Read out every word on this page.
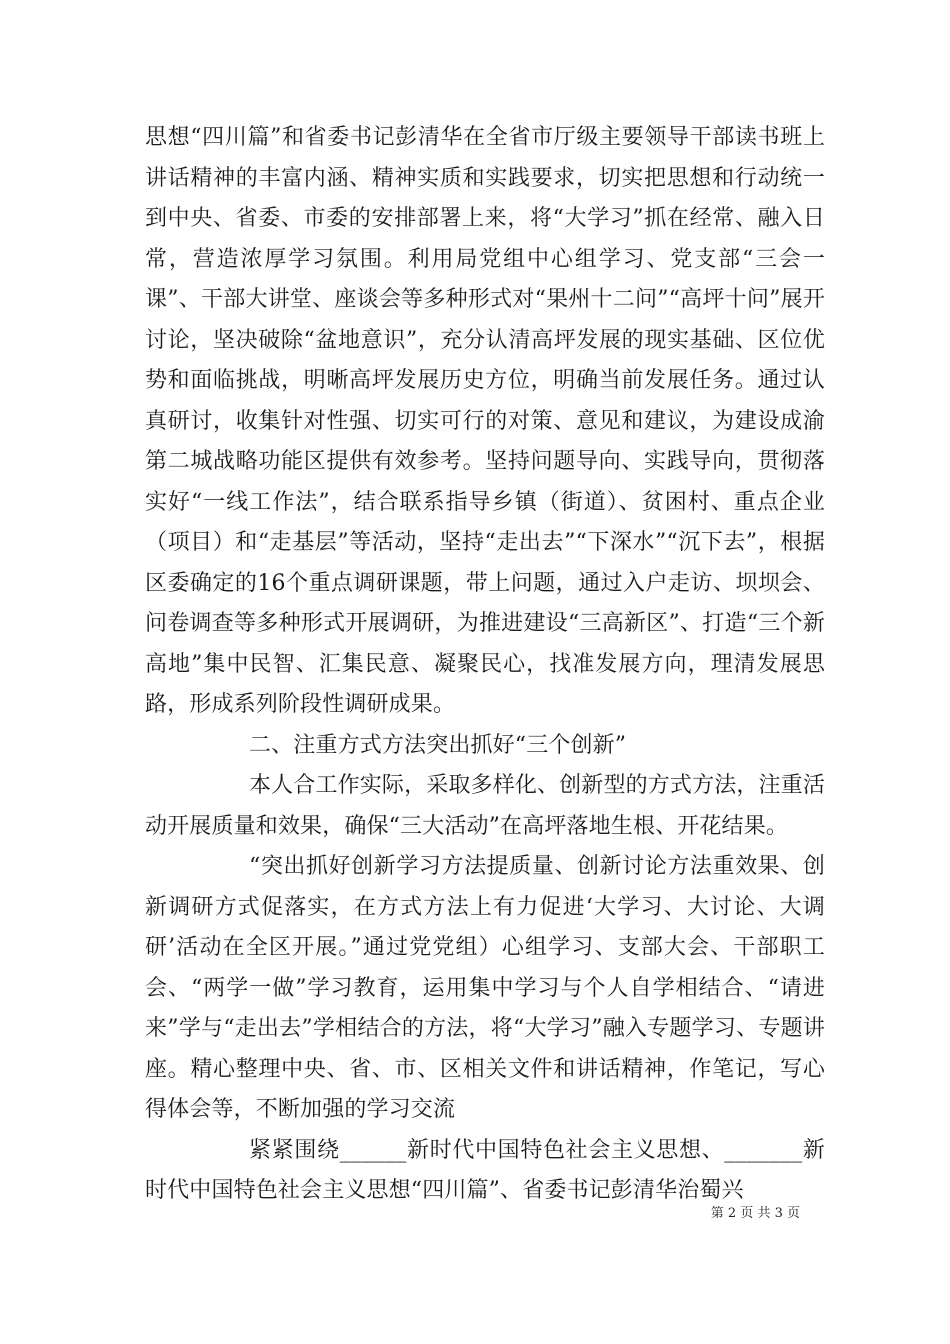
思想“四川篇”和省委书记彭清华在全省市厅级主要领导干部读书班上讲话精神的丰富内涵、精神实质和实践要求，切实把思想和行动统一到中央、省委、市委的安排部署上来，将“大学习”抓在经常、融入日常，营造浓厚学习氛围。利用局党组中心组学习、党支部“三会一课”、干部大讲堂、座谈会等多种形式对“果州十二问”“高坪十问”展开讨论，坚决破除“盆地意识”，充分认清高坪发展的现实基础、区位优势和面临挑战，明晰高坪发展历史方位，明确当前发展任务。通过认真研讨，收集针对性强、切实可行的对策、意见和建议，为建设成渝第二城战略功能区提供有效参考。坚持问题导向、实践导向，贯彻落实好“一线工作法”，结合联系指导乡镇（街道）、贫困村、重点企业（项目）和“走基层”等活动，坚持“走出去”“下深水”“沉下去”，根据区委确定的16个重点调研课题，带上问题，通过入户走访、坝坝会、问卷调查等多种形式开展调研，为推进建设“三高新区”、打造“三个新高地”集中民智、汇集民意、凝聚民心，找准发展方向，理清发展思路，形成系列阶段性调研成果。

二、注重方式方法突出抓好“三个创新”

本人合工作实际，采取多样化、创新型的方式方法，注重活动开展质量和效果，确保“三大活动”在高坪落地生根、开花结果。

“突出抓好创新学习方法提质量、创新讨论方法重效果、创新调研方式促落实，在方式方法上有力促进‘大学习、大讨论、大调研’活动在全区开展。”通过党党组）心组学习、支部大会、干部职工会、“两学一做”学习教育，运用集中学习与个人自学相结合、“请进来”学与“走出去”学相结合的方法，将“大学习”融入专题学习、专题讲座。精心整理中央、省、市、区相关文件和讲话精神，作笔记，写心得体会等，不断加强的学习交流

紧紧围绕______新时代中国特色社会主义思想、_______新时代中国特色社会主义思想“四川篇”、省委书记彭清华治蜀兴

第 2 页 共 3 页
